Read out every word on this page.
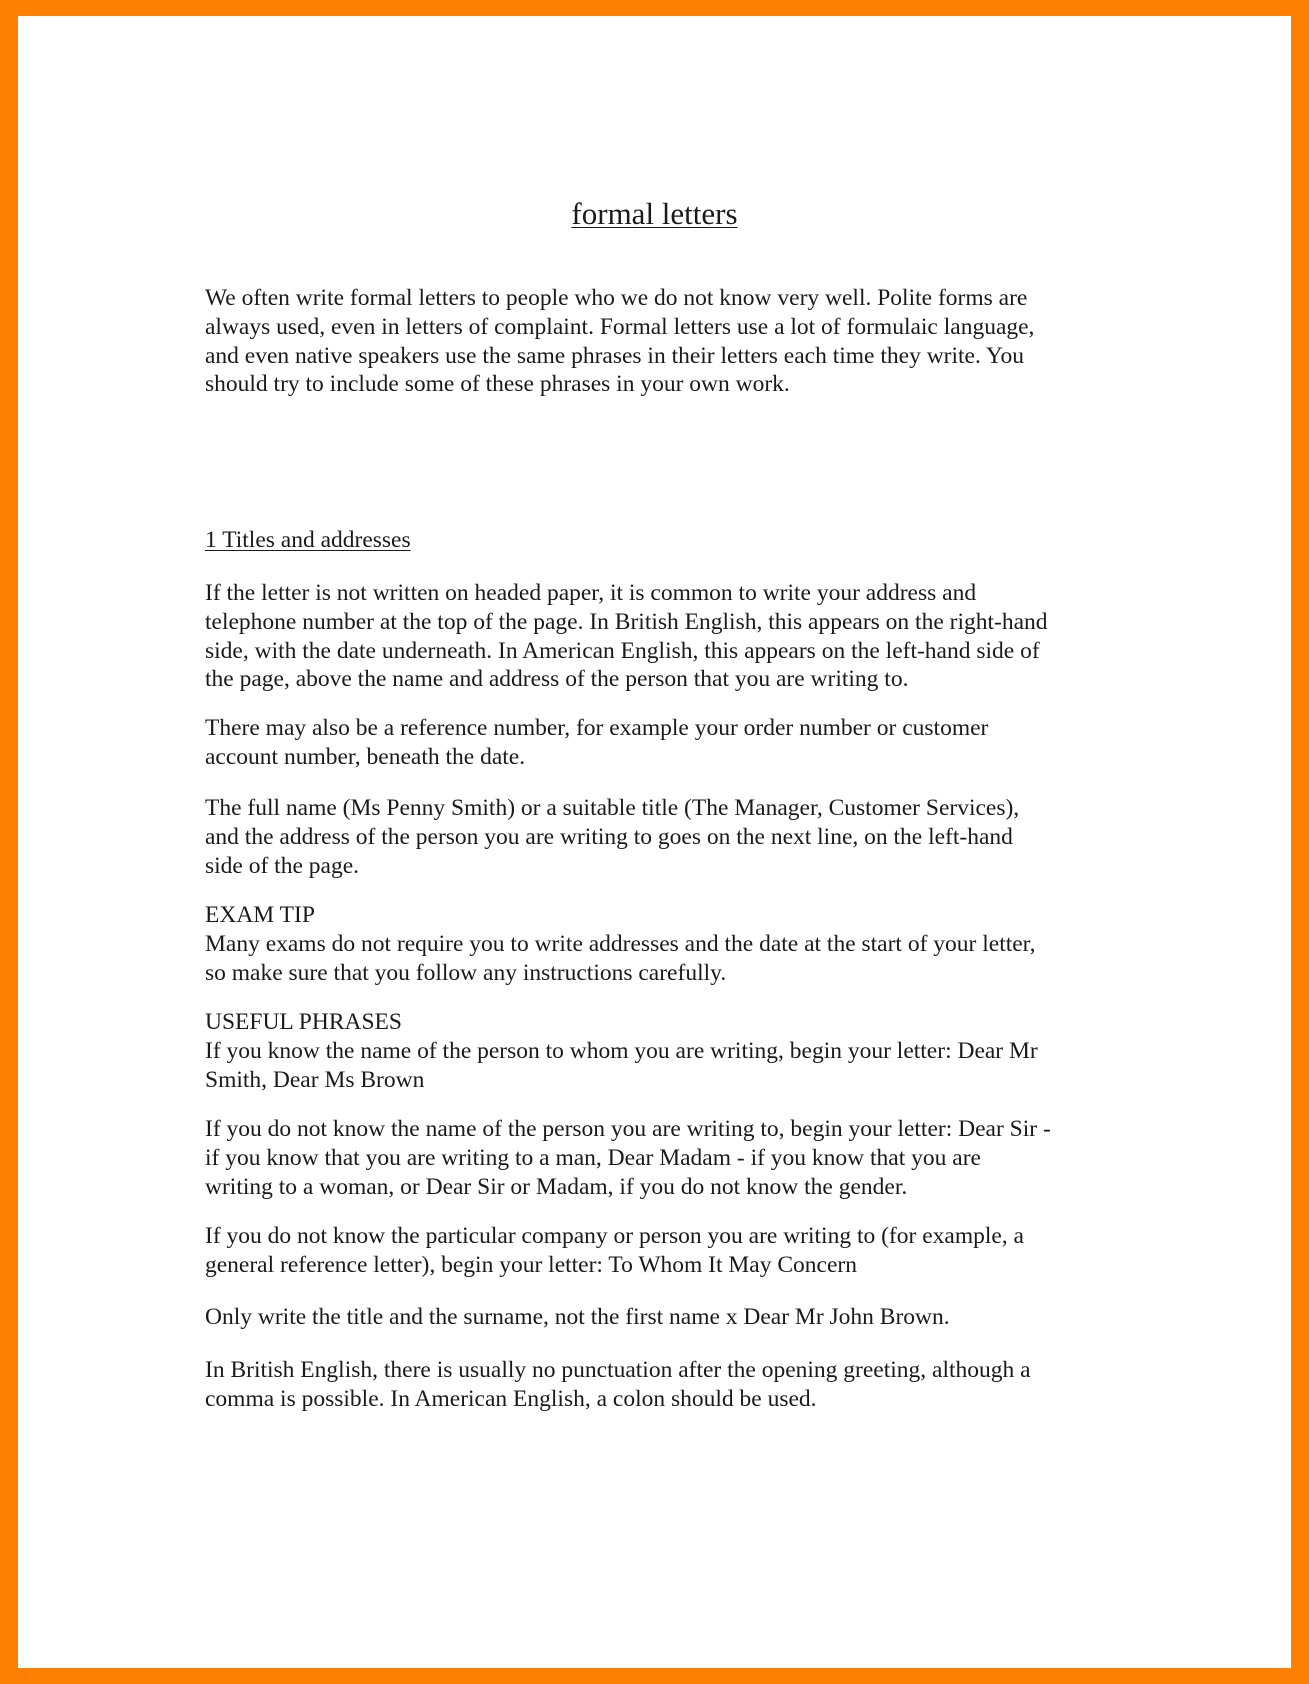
formal letters
We often write formal letters to people who we do not know very well. Polite forms are
always used, even in letters of complaint. Formal letters use a lot of formulaic language,
and even native speakers use the same phrases in their letters each time they write. You
should try to include some of these phrases in your own work.
1 Titles and addresses
If the letter is not written on headed paper, it is common to write your address and
telephone number at the top of the page. In British English, this appears on the right-hand
side, with the date underneath. In American English, this appears on the left-hand side of
the page, above the name and address of the person that you are writing to.
There may also be a reference number, for example your order number or customer
account number, beneath the date.
The full name (Ms Penny Smith) or a suitable title (The Manager, Customer Services),
and the address of the person you are writing to goes on the next line, on the left-hand
side of the page.
EXAM TIP
Many exams do not require you to write addresses and the date at the start of your letter,
so make sure that you follow any instructions carefully.
USEFUL PHRASES
If you know the name of the person to whom you are writing, begin your letter: Dear Mr
Smith, Dear Ms Brown
If you do not know the name of the person you are writing to, begin your letter: Dear Sir -
if you know that you are writing to a man, Dear Madam - if you know that you are
writing to a woman, or Dear Sir or Madam, if you do not know the gender.
If you do not know the particular company or person you are writing to (for example, a
general reference letter), begin your letter: To Whom It May Concern
Only write the title and the surname, not the first name x Dear Mr John Brown.
In British English, there is usually no punctuation after the opening greeting, although a
comma is possible. In American English, a colon should be used.
